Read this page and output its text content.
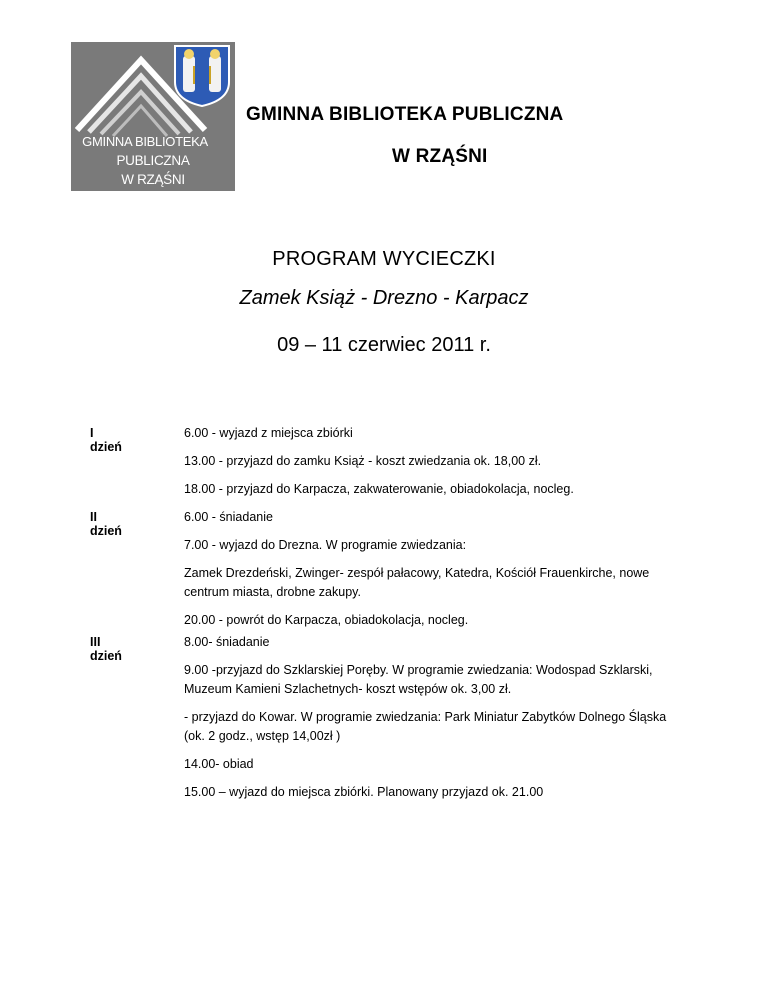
GMINNA BIBLIOTEKA
PUBLICZNA
W RZĄŚNI
GMINNA BIBLIOTEKA PUBLICZNA
W RZĄŚNI
PROGRAM WYCIECZKI
Zamek Książ - Drezno - Karpacz
09 – 11 czerwiec 2011 r.
I dzień
6.00 - wyjazd z miejsca zbiórki
13.00 - przyjazd do zamku Książ - koszt zwiedzania ok. 18,00 zł.
18.00 - przyjazd do Karpacza, zakwaterowanie, obiadokolacja, nocleg.
II dzień
6.00 - śniadanie
7.00 - wyjazd do Drezna. W programie zwiedzania:
Zamek Drezdeński, Zwinger- zespół pałacowy, Katedra, Kościół Frauenkirche, nowe centrum miasta, drobne zakupy.
20.00 - powrót do Karpacza, obiadokolacja, nocleg.
III dzień
8.00- śniadanie
9.00 -przyjazd do Szklarskiej Poręby. W programie zwiedzania: Wodospad Szklarski, Muzeum Kamieni Szlachetnych- koszt wstępów ok. 3,00 zł.
- przyjazd do Kowar. W programie zwiedzania: Park Miniatur Zabytków Dolnego Śląska (ok. 2 godz., wstęp 14,00zł )
14.00- obiad
15.00 – wyjazd do miejsca zbiórki. Planowany przyjazd ok. 21.00
